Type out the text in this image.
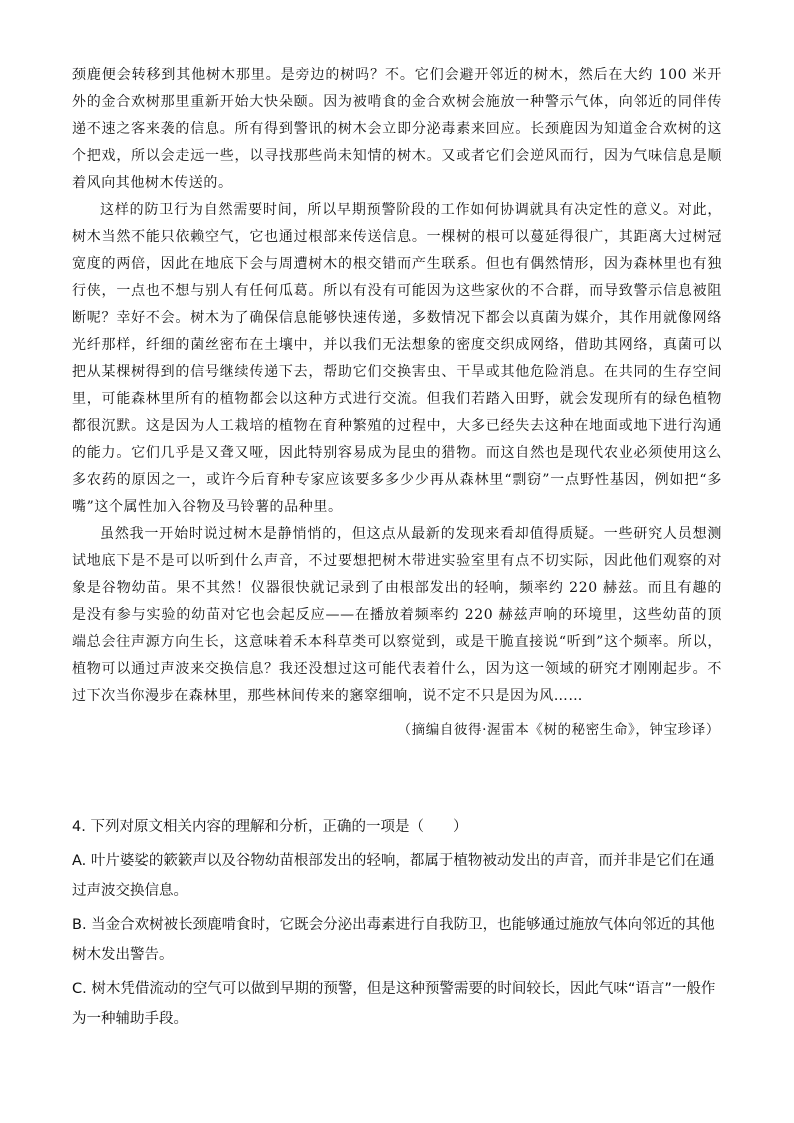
颈鹿便会转移到其他树木那里。是旁边的树吗？不。它们会避开邻近的树木，然后在大约 100 米开外的金合欢树那里重新开始大快朵颐。因为被啃食的金合欢树会施放一种警示气体，向邻近的同伴传递不速之客来袭的信息。所有得到警讯的树木会立即分泌毒素来回应。长颈鹿因为知道金合欢树的这个把戏，所以会走远一些，以寻找那些尚未知情的树木。又或者它们会逆风而行，因为气味信息是顺着风向其他树木传送的。

这样的防卫行为自然需要时间，所以早期预警阶段的工作如何协调就具有决定性的意义。对此，树木当然不能只依赖空气，它也通过根部来传送信息。一棵树的根可以蔓延得很广，其距离大过树冠宽度的两倍，因此在地底下会与周遭树木的根交错而产生联系。但也有偶然情形，因为森林里也有独行侠，一点也不想与别人有任何瓜葛。所以有没有可能因为这些家伙的不合群，而导致警示信息被阻断呢？幸好不会。树木为了确保信息能够快速传递，多数情况下都会以真菌为媒介，其作用就像网络光纤那样，纤细的菌丝密布在土壤中，并以我们无法想象的密度交织成网络，借助其网络，真菌可以把从某棵树得到的信号继续传递下去，帮助它们交换害虫、干旱或其他危险消息。在共同的生存空间里，可能森林里所有的植物都会以这种方式进行交流。但我们若踏入田野，就会发现所有的绿色植物都很沉默。这是因为人工栽培的植物在育种繁殖的过程中，大多已经失去这种在地面或地下进行沟通的能力。它们几乎是又聋又哑，因此特别容易成为昆虫的猎物。而这自然也是现代农业必须使用这么多农药的原因之一，或许今后育种专家应该要多多少少再从森林里“剽窃”一点野性基因，例如把“多嘴”这个属性加入谷物及马铃薯的品种里。

虽然我一开始时说过树木是静悄悄的，但这点从最新的发现来看却值得质疑。一些研究人员想测试地底下是不是可以听到什么声音，不过要想把树木带进实验室里有点不切实际，因此他们观察的对象是谷物幼苗。果不其然！仪器很快就记录到了由根部发出的轻响，频率约 220 赫兹。而且有趣的是没有参与实验的幼苗对它也会起反应——在播放着频率约 220 赫兹声响的环境里，这些幼苗的顶端总会往声源方向生长，这意味着禾本科草类可以察觉到，或是干脆直接说“听到”这个频率。所以，植物可以通过声波来交换信息？我还没想过这可能代表着什么，因为这一领域的研究才刚刚起步。不过下次当你漫步在森林里，那些林间传来的窸窣细响，说不定不只是因为风……

（摘编自彼得·渥雷本《树的秘密生命》，钟宝珍译）

4. 下列对原文相关内容的理解和分析，正确的一项是（　　）

A. 叶片婆娑的簌簌声以及谷物幼苗根部发出的轻响，都属于植物被动发出的声音，而并非是它们在通过声波交换信息。

B. 当金合欢树被长颈鹿啃食时，它既会分泌出毒素进行自我防卫，也能够通过施放气体向邻近的其他树木发出警告。

C. 树木凭借流动的空气可以做到早期的预警，但是这种预警需要的时间较长，因此气味“语言”一般作为一种辅助手段。
